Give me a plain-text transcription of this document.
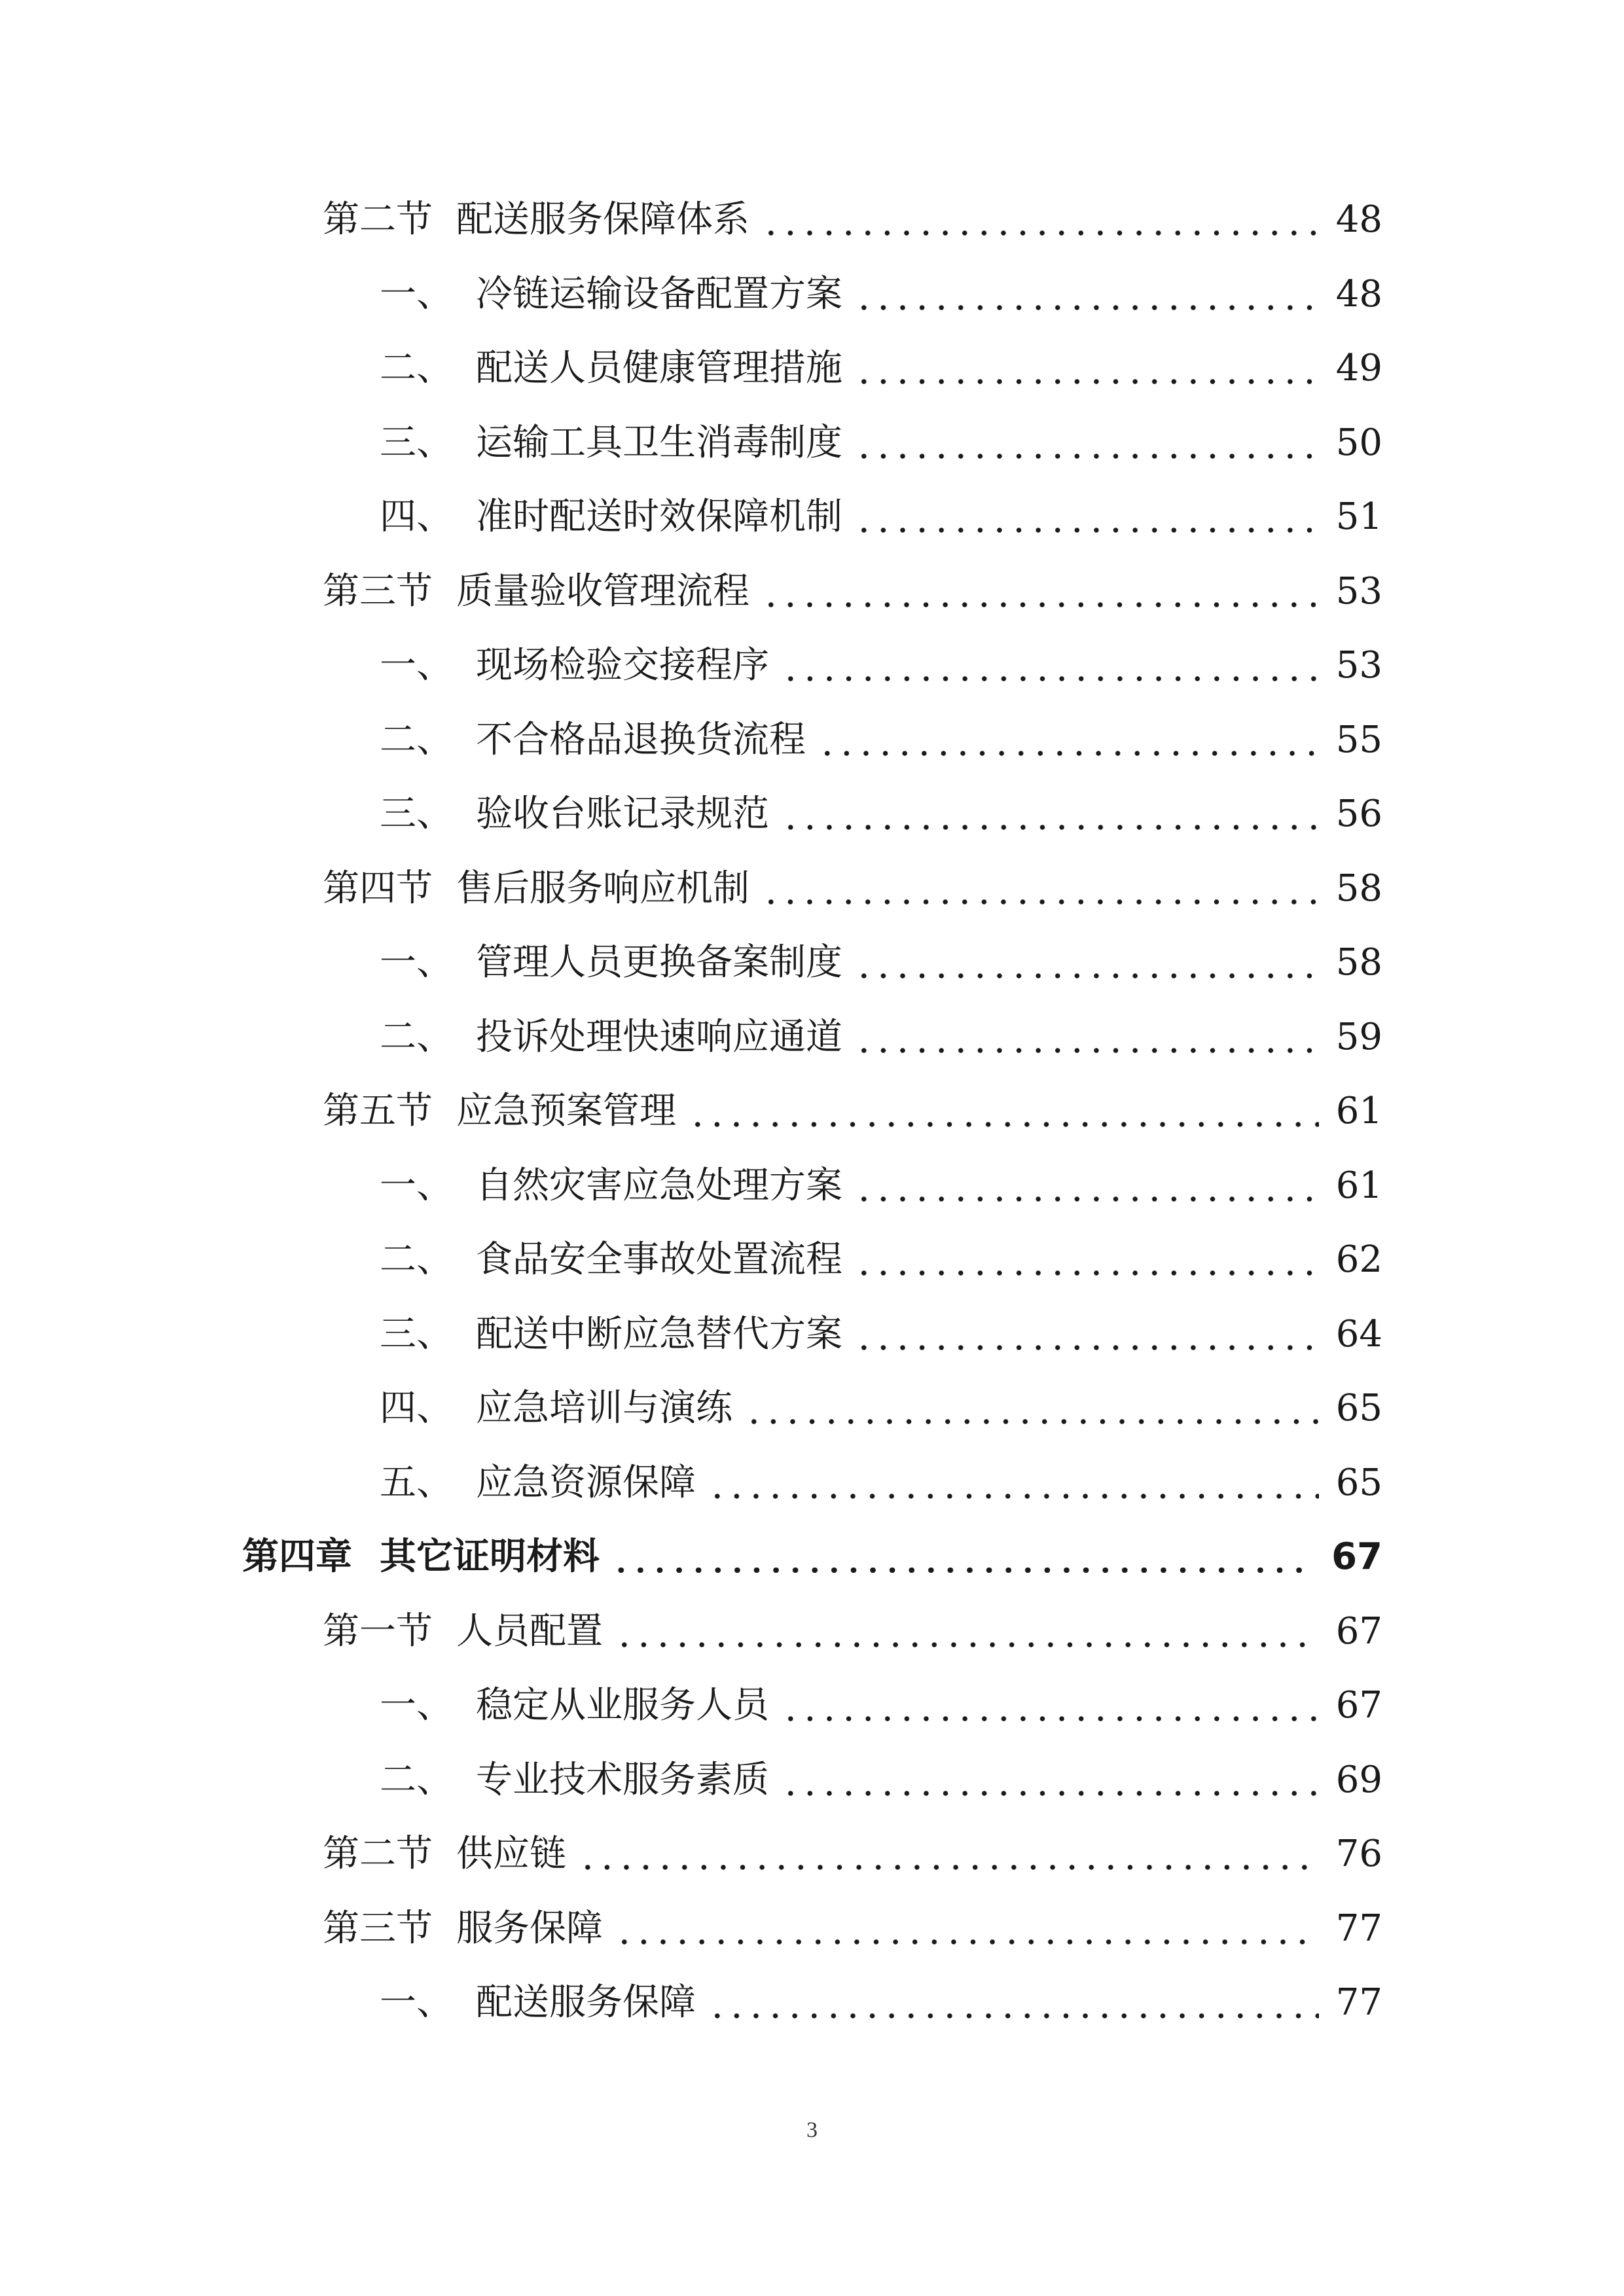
第二节 配送服务保障体系	48
一、 冷链运输设备配置方案	48
二、 配送人员健康管理措施	49
三、 运输工具卫生消毒制度	50
四、 准时配送时效保障机制	51
第三节 质量验收管理流程	53
一、 现场检验交接程序	53
二、 不合格品退换货流程	55
三、 验收台账记录规范	56
第四节 售后服务响应机制	58
一、 管理人员更换备案制度	58
二、 投诉处理快速响应通道	59
第五节 应急预案管理	61
一、 自然灾害应急处理方案	61
二、 食品安全事故处置流程	62
三、 配送中断应急替代方案	64
四、 应急培训与演练	65
五、 应急资源保障	65
第四章 其它证明材料	67
第一节 人员配置	67
一、 稳定从业服务人员	67
二、 专业技术服务素质	69
第二节 供应链	76
第三节 服务保障	77
一、 配送服务保障	77
3
